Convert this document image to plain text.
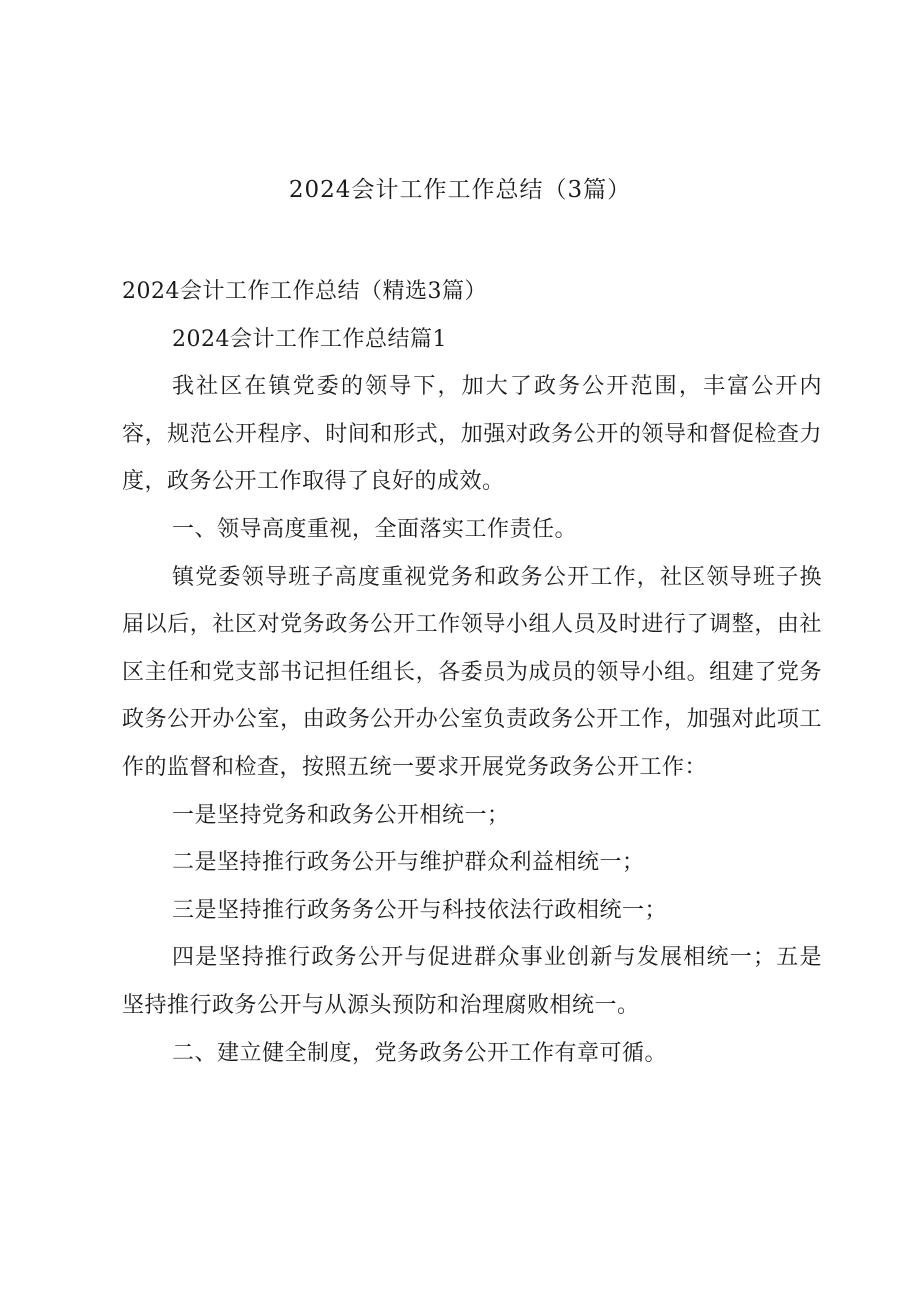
2024会计工作工作总结（3篇）

2024会计工作工作总结（精选3篇）

2024会计工作工作总结篇1

我社区在镇党委的领导下，加大了政务公开范围，丰富公开内容，规范公开程序、时间和形式，加强对政务公开的领导和督促检查力度，政务公开工作取得了良好的成效。

一、领导高度重视，全面落实工作责任。

镇党委领导班子高度重视党务和政务公开工作，社区领导班子换届以后，社区对党务政务公开工作领导小组人员及时进行了调整，由社区主任和党支部书记担任组长，各委员为成员的领导小组。组建了党务政务公开办公室，由政务公开办公室负责政务公开工作，加强对此项工作的监督和检查，按照五统一要求开展党务政务公开工作：

一是坚持党务和政务公开相统一；

二是坚持推行政务公开与维护群众利益相统一；

三是坚持推行政务务公开与科技依法行政相统一；

四是坚持推行政务公开与促进群众事业创新与发展相统一；五是坚持推行政务公开与从源头预防和治理腐败相统一。

二、建立健全制度，党务政务公开工作有章可循。
